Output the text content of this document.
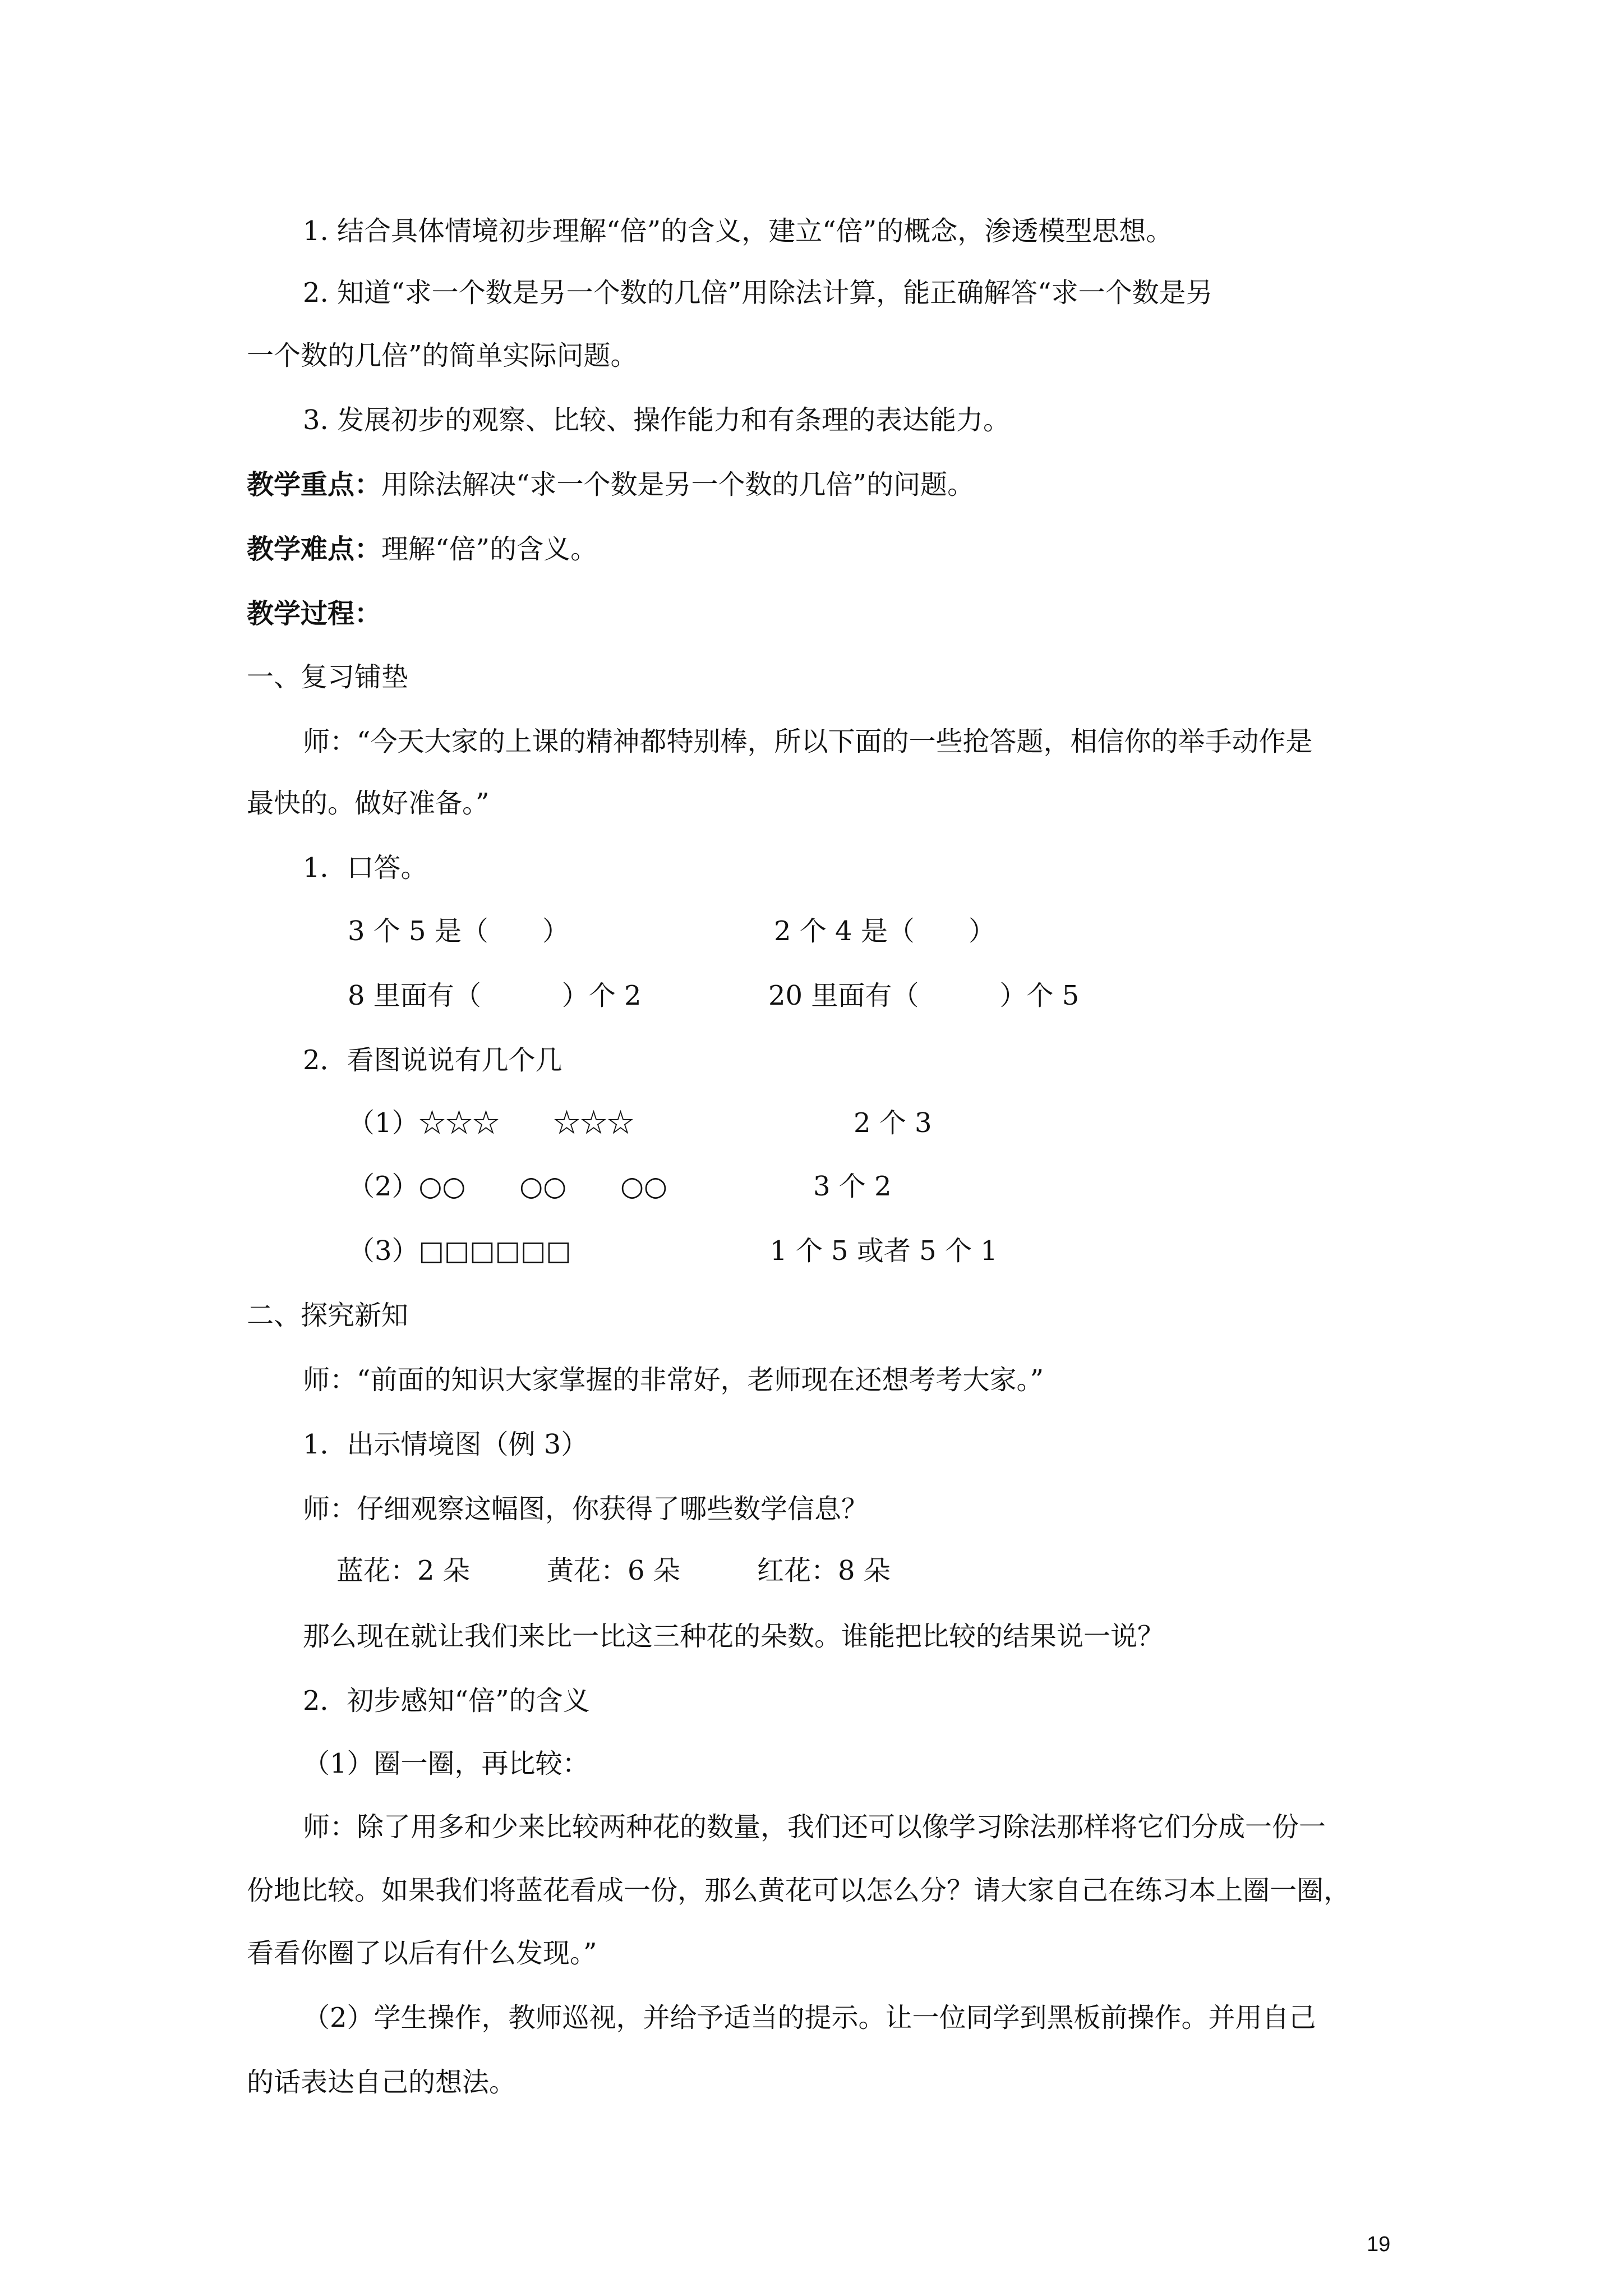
1. 结合具体情境初步理解“倍”的含义，建立“倍”的概念，渗透模型思想。
2. 知道“求一个数是另一个数的几倍”用除法计算，能正确解答“求一个数是另
一个数的几倍”的简单实际问题。
3. 发展初步的观察、比较、操作能力和有条理的表达能力。
教学重点：用除法解决“求一个数是另一个数的几倍”的问题。
教学难点：理解“倍”的含义。
教学过程：
一、复习铺垫
师：“今天大家的上课的精神都特别棒，所以下面的一些抢答题，相信你的举手动作是
最快的。做好准备。”
1．口答。
3 个 5 是（　　）	2 个 4 是（　　）
8 里面有（　　　）个 2	20 里面有（　　　）个 5
2．看图说说有几个几
（1）☆☆☆　　☆☆☆	2 个 3
（2）○○　　○○　　○○	3 个 2
（3）□□□□□□	1 个 5 或者 5 个 1
二、探究新知
师：“前面的知识大家掌握的非常好，老师现在还想考考大家。”
1．出示情境图（例 3）
师：仔细观察这幅图，你获得了哪些数学信息？
蓝花：2 朵	黄花：6 朵	红花：8 朵
那么现在就让我们来比一比这三种花的朵数。谁能把比较的结果说一说？
2．初步感知“倍”的含义
（1）圈一圈，再比较：
师：除了用多和少来比较两种花的数量，我们还可以像学习除法那样将它们分成一份一
份地比较。如果我们将蓝花看成一份，那么黄花可以怎么分？请大家自己在练习本上圈一圈，
看看你圈了以后有什么发现。”
（2）学生操作，教师巡视，并给予适当的提示。让一位同学到黑板前操作。并用自己
的话表达自己的想法。
19
